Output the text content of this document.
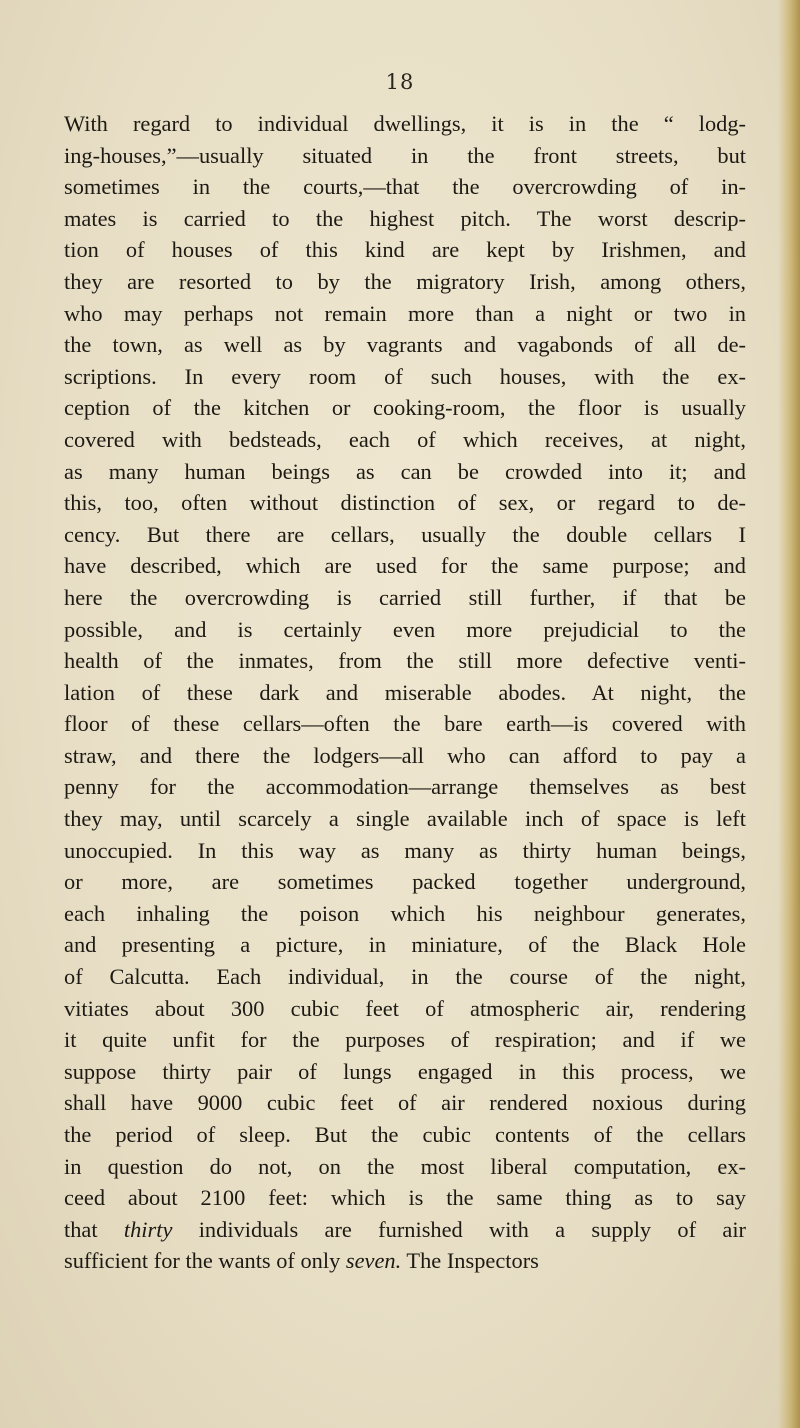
18
With regard to individual dwellings, it is in the “ lodg-
ing-houses,”—usually situated in the front streets, but
sometimes in the courts,—that the overcrowding of in-
mates is carried to the highest pitch. The worst descrip-
tion of houses of this kind are kept by Irishmen, and
they are resorted to by the migratory Irish, among others,
who may perhaps not remain more than a night or two in
the town, as well as by vagrants and vagabonds of all de-
scriptions. In every room of such houses, with the ex-
ception of the kitchen or cooking-room, the floor is usually
covered with bedsteads, each of which receives, at night,
as many human beings as can be crowded into it; and
this, too, often without distinction of sex, or regard to de-
cency. But there are cellars, usually the double cellars I
have described, which are used for the same purpose; and
here the overcrowding is carried still further, if that be
possible, and is certainly even more prejudicial to the
health of the inmates, from the still more defective venti-
lation of these dark and miserable abodes. At night, the
floor of these cellars—often the bare earth—is covered with
straw, and there the lodgers—all who can afford to pay a
penny for the accommodation—arrange themselves as best
they may, until scarcely a single available inch of space is left
unoccupied. In this way as many as thirty human beings,
or more, are sometimes packed together underground,
each inhaling the poison which his neighbour generates,
and presenting a picture, in miniature, of the Black Hole
of Calcutta. Each individual, in the course of the night,
vitiates about 300 cubic feet of atmospheric air, rendering
it quite unfit for the purposes of respiration; and if we
suppose thirty pair of lungs engaged in this process, we
shall have 9000 cubic feet of air rendered noxious during
the period of sleep. But the cubic contents of the cellars
in question do not, on the most liberal computation, ex-
ceed about 2100 feet: which is the same thing as to say
that thirty individuals are furnished with a supply of air
sufficient for the wants of only seven. The Inspectors
